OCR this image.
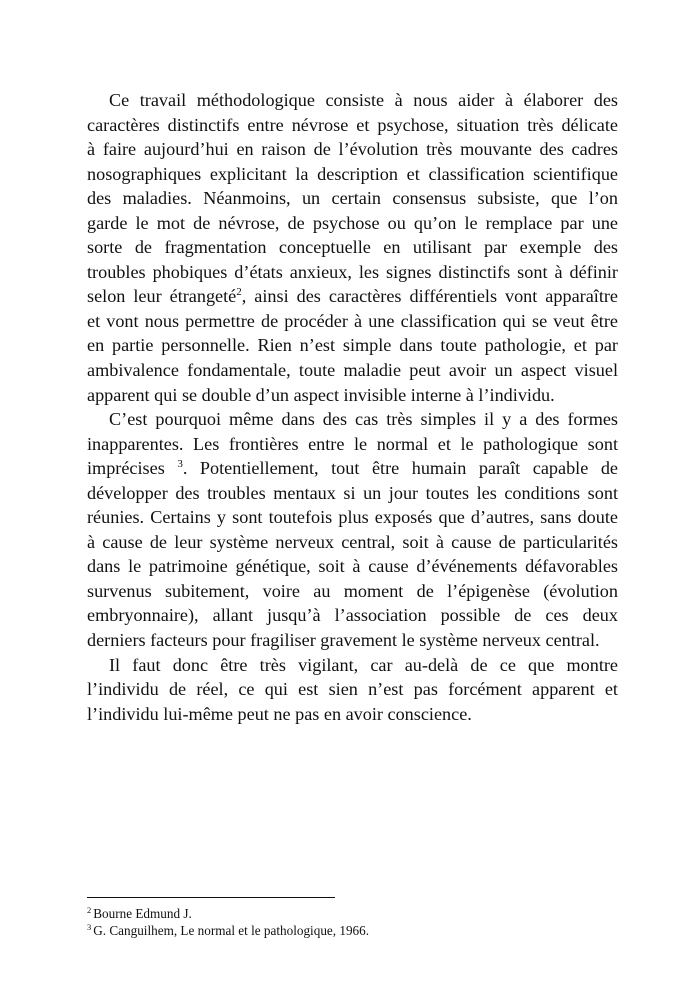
Ce travail méthodologique consiste à nous aider à élaborer des
caractères distinctifs entre névrose et psychose, situation très délicate
à faire aujourd’hui en raison de l’évolution très mouvante des cadres
nosographiques explicitant la description et classification scientifique
des maladies. Néanmoins, un certain consensus subsiste, que l’on
garde le mot de névrose, de psychose ou qu’on le remplace par une
sorte de fragmentation conceptuelle en utilisant par exemple des
troubles phobiques d’états anxieux, les signes distinctifs sont à définir
selon leur étrangeté$^2$, ainsi des caractères différentiels vont apparaître
et vont nous permettre de procéder à une classification qui se veut être
en partie personnelle. Rien n’est simple dans toute pathologie, et par
ambivalence fondamentale, toute maladie peut avoir un aspect visuel
apparent qui se double d’un aspect invisible interne à l’individu.
C’est pourquoi même dans des cas très simples il y a des formes
inapparentes. Les frontières entre le normal et le pathologique sont
imprécises $^3$. Potentiellement, tout être humain paraît capable de
développer des troubles mentaux si un jour toutes les conditions sont
réunies. Certains y sont toutefois plus exposés que d’autres, sans doute
à cause de leur système nerveux central, soit à cause de particularités
dans le patrimoine génétique, soit à cause d’événements défavorables
survenus subitement, voire au moment de l’épigenèse (évolution
embryonnaire), allant jusqu’à l’association possible de ces deux
derniers facteurs pour fragiliser gravement le système nerveux central.
Il faut donc être très vigilant, car au-delà de ce que montre
l’individu de réel, ce qui est sien n’est pas forcément apparent et
l’individu lui-même peut ne pas en avoir conscience.
$^2$ Bourne Edmund J.
$^3$ G. Canguilhem, Le normal et le pathologique, 1966.
